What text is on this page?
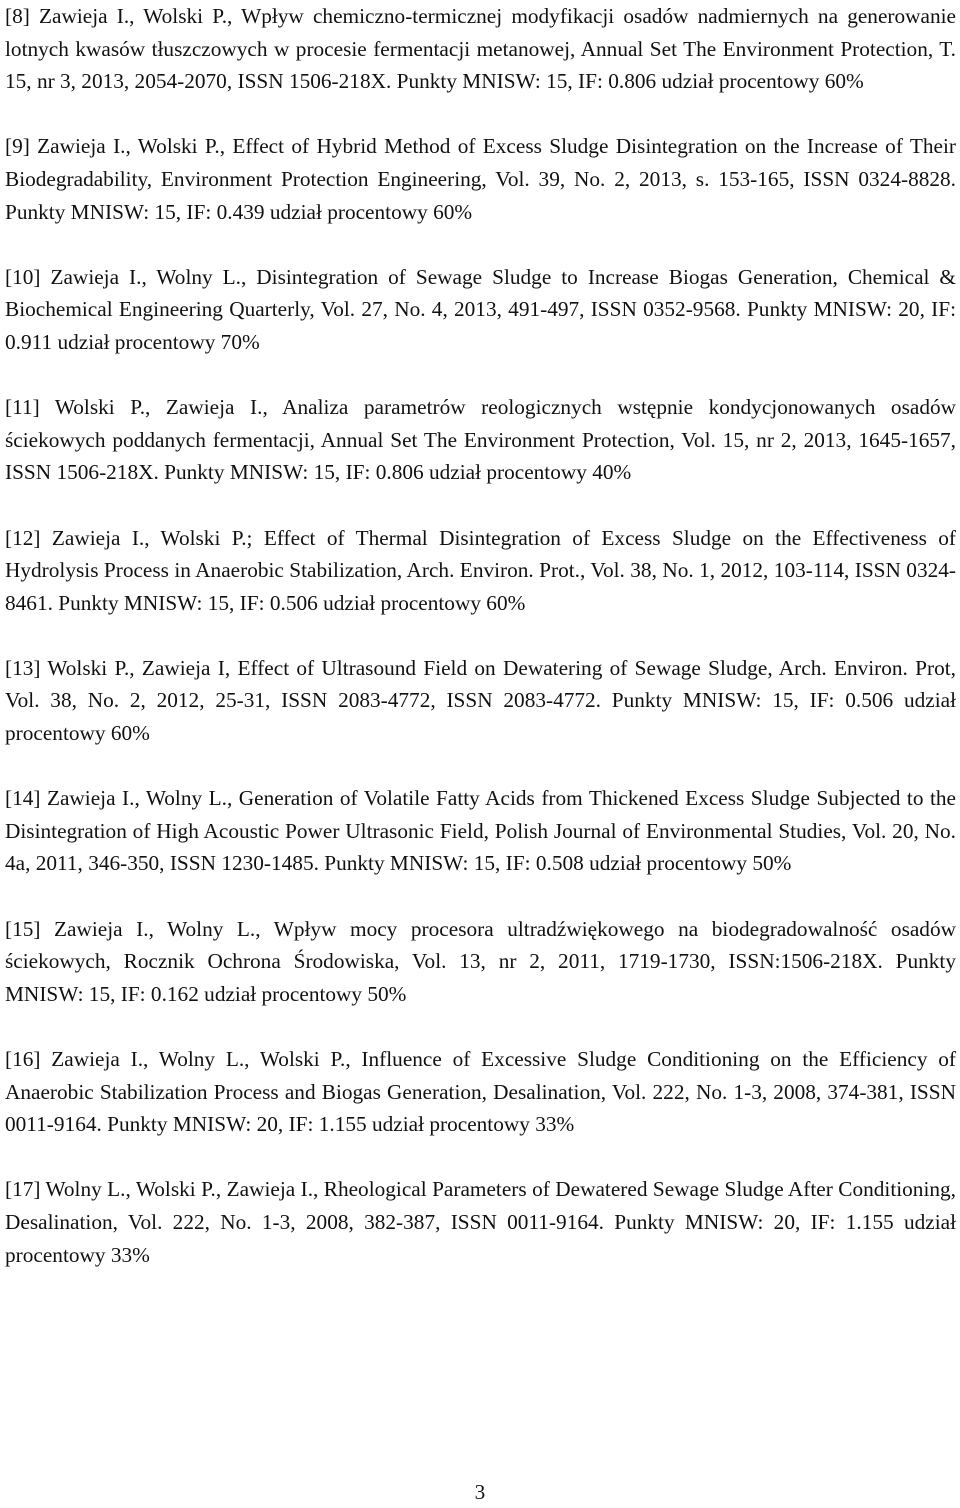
[8] Zawieja I., Wolski P., Wpływ chemiczno-termicznej modyfikacji osadów nadmiernych na generowanie lotnych kwasów tłuszczowych w procesie fermentacji metanowej, Annual Set The Environment Protection, T. 15, nr 3, 2013, 2054-2070, ISSN 1506-218X. Punkty MNISW: 15, IF: 0.806 udział procentowy 60%

[9] Zawieja I., Wolski P., Effect of Hybrid Method of Excess Sludge Disintegration on the Increase of Their Biodegradability, Environment Protection Engineering, Vol. 39, No. 2, 2013, s. 153-165, ISSN 0324-8828. Punkty MNISW: 15, IF: 0.439 udział procentowy 60%

[10] Zawieja I., Wolny L., Disintegration of Sewage Sludge to Increase Biogas Generation, Chemical & Biochemical Engineering Quarterly, Vol. 27, No. 4, 2013, 491-497, ISSN 0352-9568. Punkty MNISW: 20, IF: 0.911 udział procentowy 70%

[11] Wolski P., Zawieja I., Analiza parametrów reologicznych wstępnie kondycjonowanych osadów ściekowych poddanych fermentacji, Annual Set The Environment Protection, Vol. 15, nr 2, 2013, 1645-1657, ISSN 1506-218X. Punkty MNISW: 15, IF: 0.806 udział procentowy 40%

[12] Zawieja I., Wolski P.; Effect of Thermal Disintegration of Excess Sludge on the Effectiveness of Hydrolysis Process in Anaerobic Stabilization, Arch. Environ. Prot., Vol. 38, No. 1, 2012, 103-114, ISSN 0324-8461. Punkty MNISW: 15, IF: 0.506 udział procentowy 60%

[13] Wolski P., Zawieja I, Effect of Ultrasound Field on Dewatering of Sewage Sludge, Arch. Environ. Prot, Vol. 38, No. 2, 2012, 25-31, ISSN 2083-4772, ISSN 2083-4772. Punkty MNISW: 15, IF: 0.506 udział procentowy 60%

[14] Zawieja I., Wolny L., Generation of Volatile Fatty Acids from Thickened Excess Sludge Subjected to the Disintegration of High Acoustic Power Ultrasonic Field, Polish Journal of Environmental Studies, Vol. 20, No. 4a, 2011, 346-350, ISSN 1230-1485. Punkty MNISW: 15, IF: 0.508 udział procentowy 50%

[15] Zawieja I., Wolny L., Wpływ mocy procesora ultradźwiękowego na biodegradowalność osadów ściekowych, Rocznik Ochrona Środowiska, Vol. 13, nr 2, 2011, 1719-1730, ISSN:1506-218X. Punkty MNISW: 15, IF: 0.162 udział procentowy 50%

[16] Zawieja I., Wolny L., Wolski P., Influence of Excessive Sludge Conditioning on the Efficiency of Anaerobic Stabilization Process and Biogas Generation, Desalination, Vol. 222, No. 1-3, 2008, 374-381, ISSN 0011-9164. Punkty MNISW: 20, IF: 1.155 udział procentowy 33%

[17] Wolny L., Wolski P., Zawieja I., Rheological Parameters of Dewatered Sewage Sludge After Conditioning, Desalination, Vol. 222, No. 1-3, 2008, 382-387, ISSN 0011-9164. Punkty MNISW: 20, IF: 1.155 udział procentowy 33%

3
